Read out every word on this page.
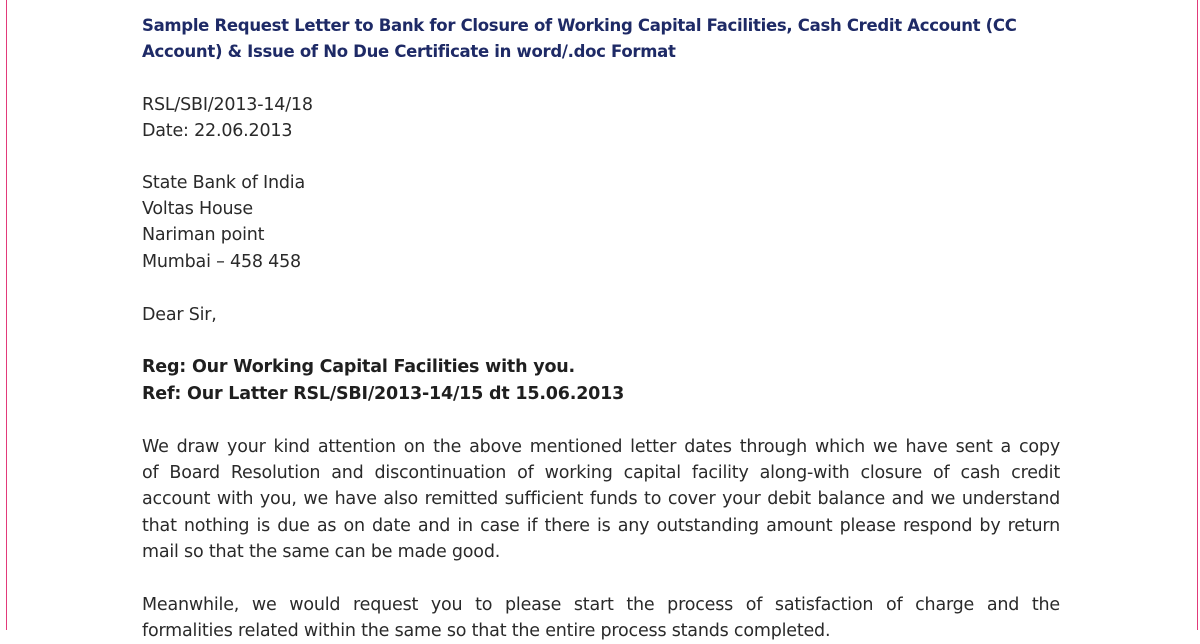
Sample Request Letter to Bank for Closure of Working Capital Facilities, Cash Credit Account (CC
Account) & Issue of No Due Certificate in word/.doc Format
RSL/SBI/2013-14/18
Date: 22.06.2013
State Bank of India
Voltas House
Nariman point
Mumbai – 458 458
Dear Sir,
Reg: Our Working Capital Facilities with you.
Ref: Our Latter RSL/SBI/2013-14/15 dt 15.06.2013
We draw your kind attention on the above mentioned letter dates through which we have sent a copy
of Board Resolution and discontinuation of working capital facility along-with closure of cash credit
account with you, we have also remitted sufficient funds to cover your debit balance and we understand
that nothing is due as on date and in case if there is any outstanding amount please respond by return
mail so that the same can be made good.
Meanwhile, we would request you to please start the process of satisfaction of charge and the
formalities related within the same so that the entire process stands completed.
